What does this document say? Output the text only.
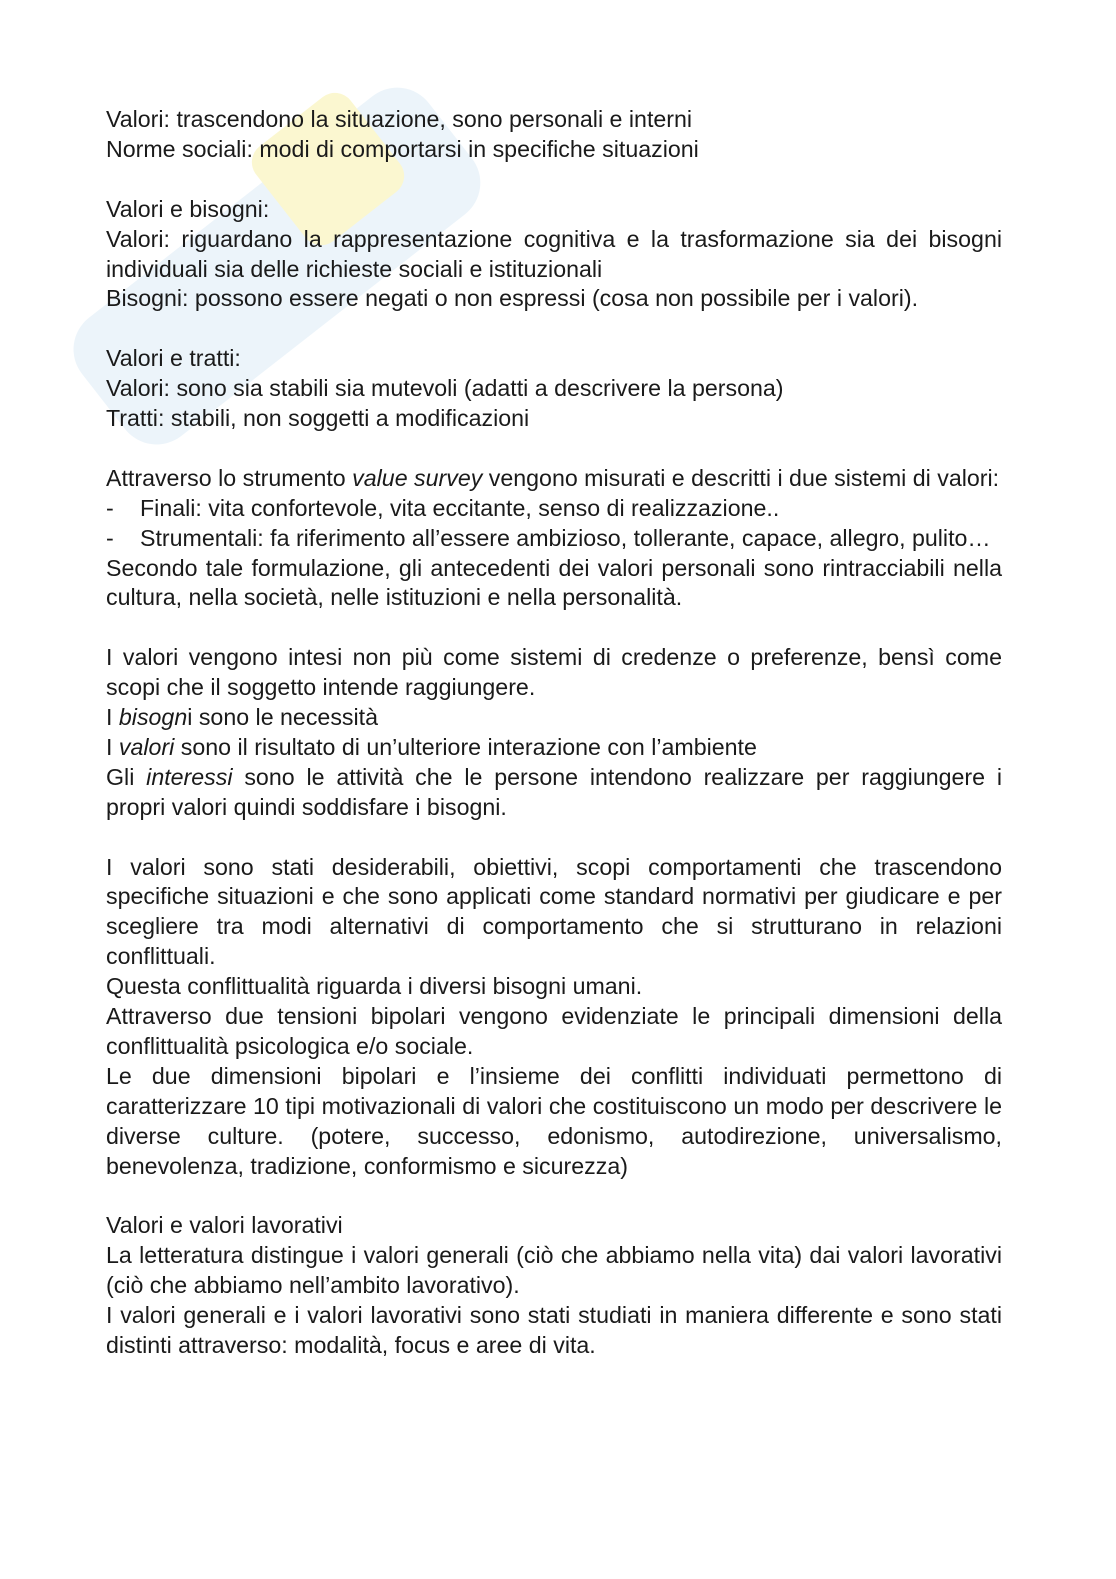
Valori: trascendono la situazione, sono personali e interni

Norme sociali: modi di comportarsi in specifiche situazioni

Valori e bisogni:

Valori: riguardano la rappresentazione cognitiva e la trasformazione sia dei bisogni individuali sia delle richieste sociali e istituzionali

Bisogni: possono essere negati o non espressi (cosa non possibile per i valori).

Valori e tratti:

Valori: sono sia stabili sia mutevoli (adatti a descrivere la persona)

Tratti: stabili, non soggetti a modificazioni

Attraverso lo strumento value survey vengono misurati e descritti i due sistemi di valori:

- Finali: vita confortevole, vita eccitante, senso di realizzazione..
- Strumentali: fa riferimento all’essere ambizioso, tollerante, capace, allegro, pulito…

Secondo tale formulazione, gli antecedenti dei valori personali sono rintracciabili nella cultura, nella società, nelle istituzioni e nella personalità.

I valori vengono intesi non più come sistemi di credenze o preferenze, bensì come scopi che il soggetto intende raggiungere.

I bisogni sono le necessità

I valori sono il risultato di un’ulteriore interazione con l’ambiente

Gli interessi sono le attività che le persone intendono realizzare per raggiungere i propri valori quindi soddisfare i bisogni.

I valori sono stati desiderabili, obiettivi, scopi comportamenti che trascendono specifiche situazioni e che sono applicati come standard normativi per giudicare e per scegliere tra modi alternativi di comportamento che si strutturano in relazioni conflittuali.

Questa conflittualità riguarda i diversi bisogni umani.

Attraverso due tensioni bipolari vengono evidenziate le principali dimensioni della conflittualità psicologica e/o sociale.

Le due dimensioni bipolari e l’insieme dei conflitti individuati permettono di caratterizzare 10 tipi motivazionali di valori che costituiscono un modo per descrivere le diverse culture. (potere, successo, edonismo, autodirezione, universalismo, benevolenza, tradizione, conformismo e sicurezza)

Valori e valori lavorativi

La letteratura distingue i valori generali (ciò che abbiamo nella vita) dai valori lavorativi (ciò che abbiamo nell’ambito lavorativo).

I valori generali e i valori lavorativi sono stati studiati in maniera differente e sono stati distinti attraverso: modalità, focus e aree di vita.
